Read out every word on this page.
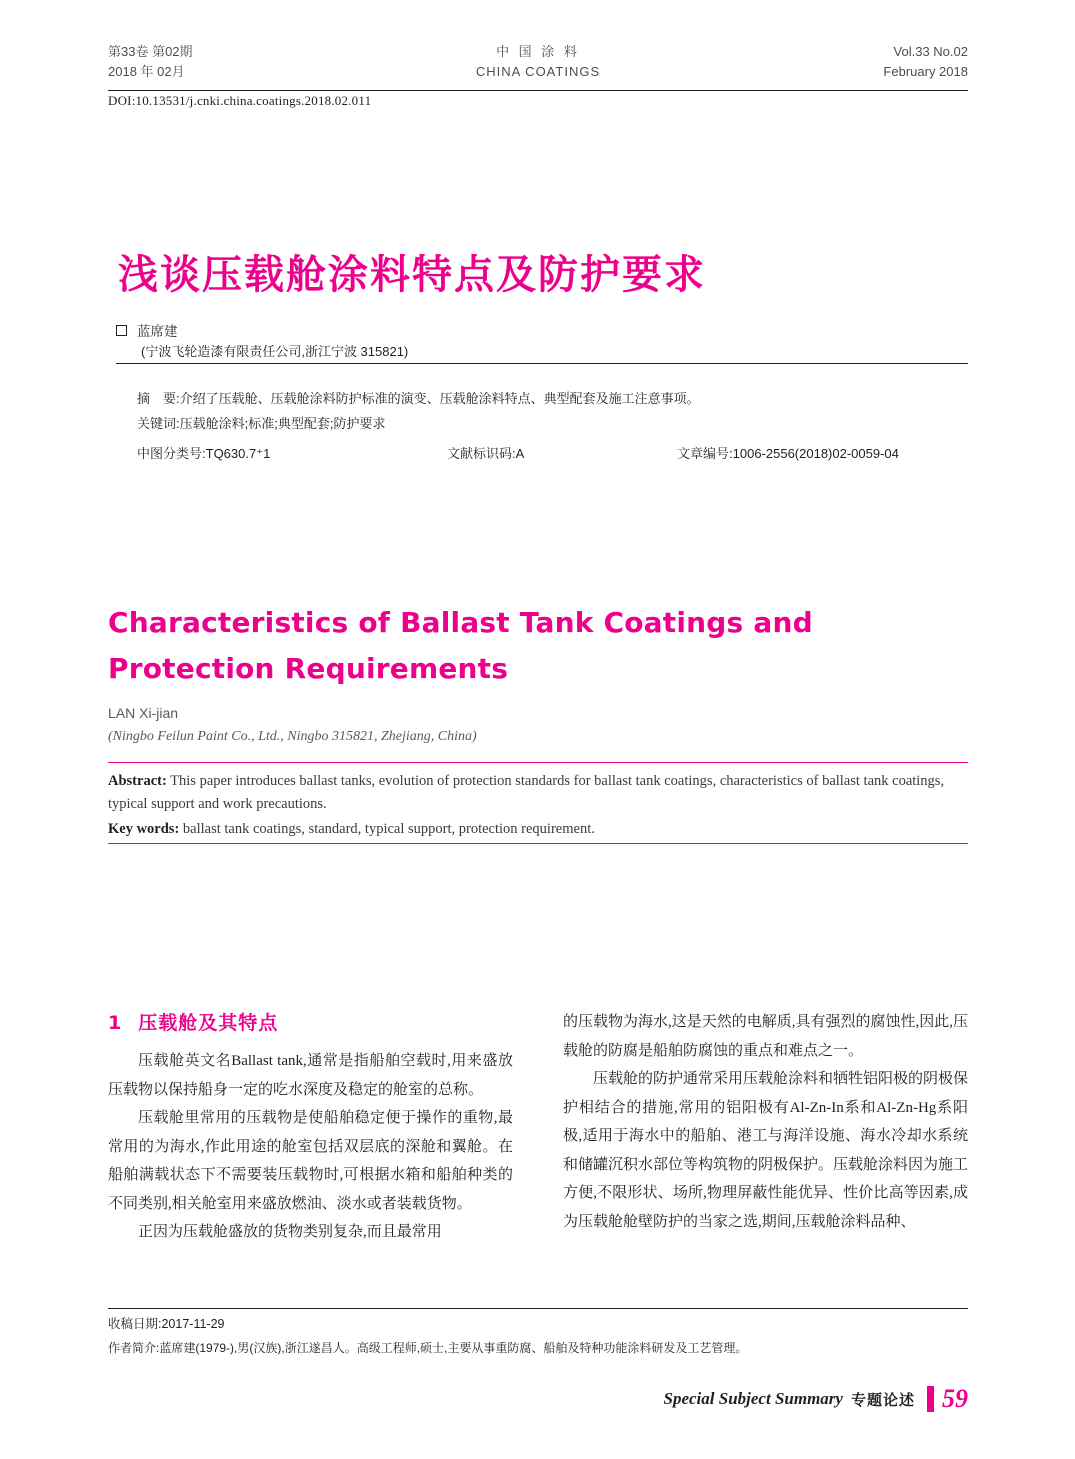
第33卷 第02期
2018 年 02月
中 国 涂 料
CHINA COATINGS
Vol.33 No.02
February 2018
DOI:10.13531/j.cnki.china.coatings.2018.02.011
浅谈压载舱涂料特点及防护要求
蓝席建
(宁波飞轮造漆有限责任公司,浙江宁波 315821)
摘　要:介绍了压载舱、压载舱涂料防护标准的演变、压载舱涂料特点、典型配套及施工注意事项。
关键词:压载舱涂料;标准;典型配套;防护要求
中图分类号:TQ630.7⁺1	文献标识码:A	文章编号:1006-2556(2018)02-0059-04
Characteristics of Ballast Tank Coatings and Protection Requirements
LAN Xi-jian
(Ningbo Feilun Paint Co., Ltd., Ningbo 315821, Zhejiang, China)
Abstract: This paper introduces ballast tanks, evolution of protection standards for ballast tank coatings, characteristics of ballast tank coatings, typical support and work precautions.
Key words: ballast tank coatings, standard, typical support, protection requirement.
1 压载舱及其特点

压载舱英文名Ballast tank,通常是指船舶空载时,用来盛放压载物以保持船身一定的吃水深度及稳定的舱室的总称。

压载舱里常用的压载物是使船舶稳定便于操作的重物,最常用的为海水,作此用途的舱室包括双层底的深舱和翼舱。在船舶满载状态下不需要装压载物时,可根据水箱和船舶种类的不同类别,相关舱室用来盛放燃油、淡水或者装载货物。

正因为压载舱盛放的货物类别复杂,而且最常用

的压载物为海水,这是天然的电解质,具有强烈的腐蚀性,因此,压载舱的防腐是船舶防腐蚀的重点和难点之一。

压载舱的防护通常采用压载舱涂料和牺牲铝阳极的阴极保护相结合的措施,常用的铝阳极有Al-Zn-In系和Al-Zn-Hg系阳极,适用于海水中的船舶、港工与海洋设施、海水冷却水系统和储罐沉积水部位等构筑物的阴极保护。压载舱涂料因为施工方便,不限形状、场所,物理屏蔽性能优异、性价比高等因素,成为压载舱舱壁防护的当家之选,期间,压载舱涂料品种、

收稿日期:2017-11-29
作者简介:蓝席建(1979-),男(汉族),浙江遂昌人。高级工程师,硕士,主要从事重防腐、船舶及特种功能涂料研发及工艺管理。
Special Subject Summary 专题论述 59
